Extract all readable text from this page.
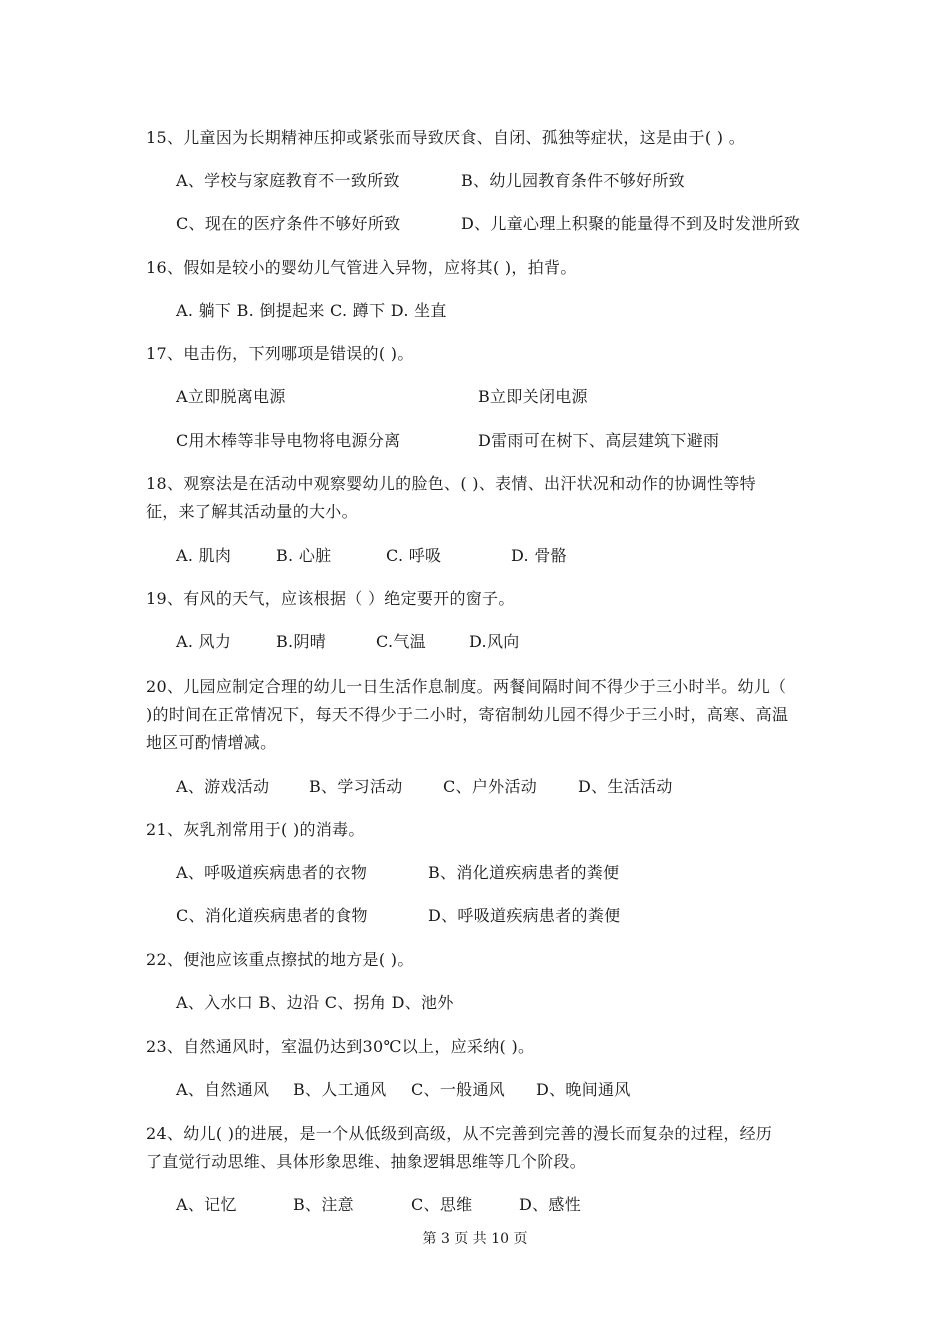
15、儿童因为长期精神压抑或紧张而导致厌食、自闭、孤独等症状，这是由于( ) 。
A、学校与家庭教育不一致所致	B、幼儿园教育条件不够好所致
C、现在的医疗条件不够好所致	D、儿童心理上积聚的能量得不到及时发泄所致
16、假如是较小的婴幼儿气管进入异物，应将其( )，拍背。
A. 躺下 B. 倒提起来 C. 蹲下 D. 坐直
17、电击伤，下列哪项是错误的( )。
A立即脱离电源	B立即关闭电源
C用木棒等非导电物将电源分离	D雷雨可在树下、高层建筑下避雨
18、观察法是在活动中观察婴幼儿的脸色、( )、表情、出汗状况和动作的协调性等特
征，来了解其活动量的大小。
A. 肌肉	B. 心脏	C. 呼吸	D. 骨骼
19、有风的天气，应该根据（ ）绝定要开的窗子。
A. 风力	B.阴晴	C.气温	D.风向
20、儿园应制定合理的幼儿一日生活作息制度。两餐间隔时间不得少于三小时半。幼儿（
)的时间在正常情况下，每天不得少于二小时，寄宿制幼儿园不得少于三小时，高寒、高温
地区可酌情增减。
A、游戏活动 B、学习活动	C、户外活动	D、生活活动
21、灰乳剂常用于( )的消毒。
A、呼吸道疾病患者的衣物	B、消化道疾病患者的粪便
C、消化道疾病患者的食物	D、呼吸道疾病患者的粪便
22、便池应该重点擦拭的地方是( )。
A、入水口 B、边沿 C、拐角 D、池外
23、自然通风时，室温仍达到30℃以上，应采纳( )。
A、自然通风 B、人工通风 C、一般通风 D、晚间通风
24、幼儿( )的进展，是一个从低级到高级，从不完善到完善的漫长而复杂的过程，经历
了直觉行动思维、具体形象思维、抽象逻辑思维等几个阶段。
A、记忆	B、注意	C、思维	D、感性
第 3 页 共 10 页
